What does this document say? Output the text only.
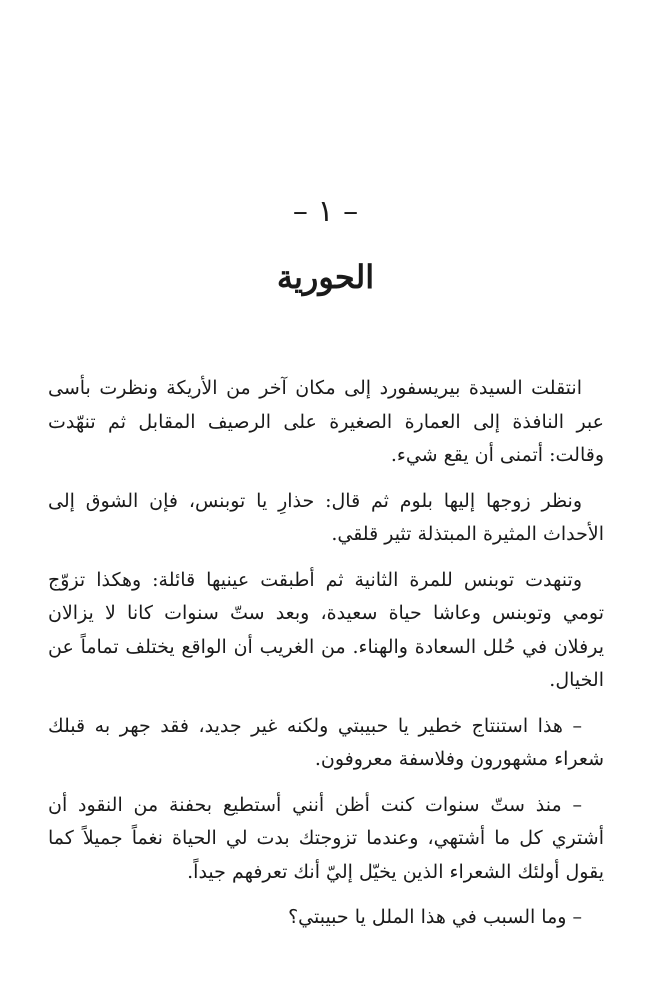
– ١ –
الحورية

انتقلت السيدة بيريسفورد إلى مكان آخر من الأريكة ونظرت بأسى عبر النافذة إلى العمارة الصغيرة على الرصيف المقابل ثم تنهّدت وقالت: أتمنى أن يقع شيء.

ونظر زوجها إليها بلوم ثم قال: حذارِ يا توبنس، فإن الشوق إلى الأحداث المثيرة المبتذلة تثير قلقي.

وتنهدت توبنس للمرة الثانية ثم أطبقت عينيها قائلة: وهكذا تزوّج تومي وتوبنس وعاشا حياة سعيدة، وبعد ستّ سنوات كانا لا يزالان يرفلان في حُلل السعادة والهناء. من الغريب أن الواقع يختلف تماماً عن الخيال.

– هذا استنتاج خطير يا حبيبتي ولكنه غير جديد، فقد جهر به قبلك شعراء مشهورون وفلاسفة معروفون.

– منذ ستّ سنوات كنت أظن أنني أستطيع بحفنة من النقود أن أشتري كل ما أشتهي، وعندما تزوجتك بدت لي الحياة نغماً جميلاً كما يقول أولئك الشعراء الذين يخيّل إليّ أنك تعرفهم جيداً.

– وما السبب في هذا الملل يا حبيبتي؟
